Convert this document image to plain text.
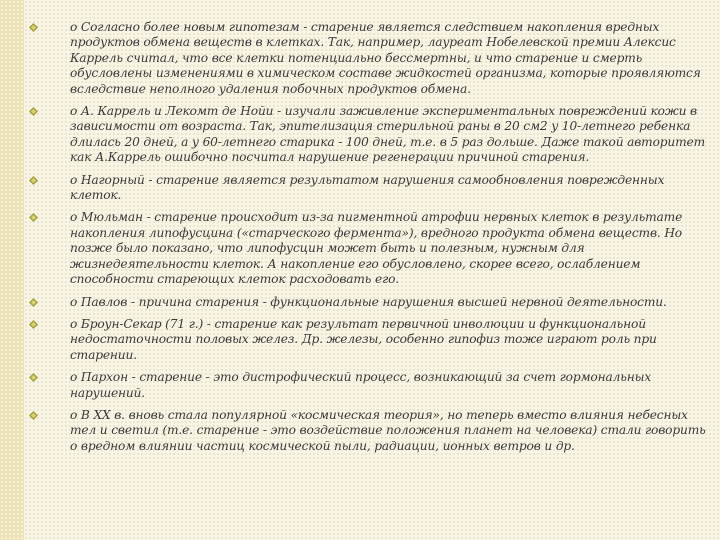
о Согласно более новым гипотезам - старение является следствием накопления вредных продуктов обмена веществ в клетках. Так, например, лауреат Нобелевской премии Алексис Каррель считал, что все клетки потенциально бессмертны, и что старение и смерть обусловлены изменениями в химическом составе жидкостей организма, которые проявляются вследствие неполного удаления побочных продуктов обмена.
о А. Каррель и Лекомт де Нойи - изучали заживление экспериментальных повреждений кожи в зависимости от возраста. Так, эпителизация стерильной раны в 20 см2 у 10-летнего ребенка длилась 20 дней, а у 60-летнего старика - 100 дней, т.е. в 5 раз дольше. Даже такой авторитет как А.Каррель ошибочно посчитал нарушение регенерации причиной старения.
о Нагорный - старение является результатом нарушения самообновления поврежденных клеток.
о Мюльман - старение происходит из-за пигментной атрофии нервных клеток в результате накопления липофусцина («старческого фермента»), вредного продукта обмена веществ. Но позже было показано, что липофусцин может быть и полезным, нужным для жизнедеятельности клеток. А накопление его обусловлено, скорее всего, ослаблением способности стареющих клеток расходовать его.
о Павлов - причина старения - функциональные нарушения высшей нервной деятельности.
о Броун-Секар (71 г.) - старение как результат первичной инволюции и функциональной недостаточности половых желез. Др. железы, особенно гипофиз тоже играют роль при старении.
о Пархон - старение - это дистрофический процесс, возникающий за счет гормональных нарушений.
о В XX в. вновь стала популярной «космическая теория», но теперь вместо влияния небесных тел и светил (т.е. старение - это воздействие положения планет на человека) стали говорить о вредном влиянии частиц космической пыли, радиации, ионных ветров и др.
